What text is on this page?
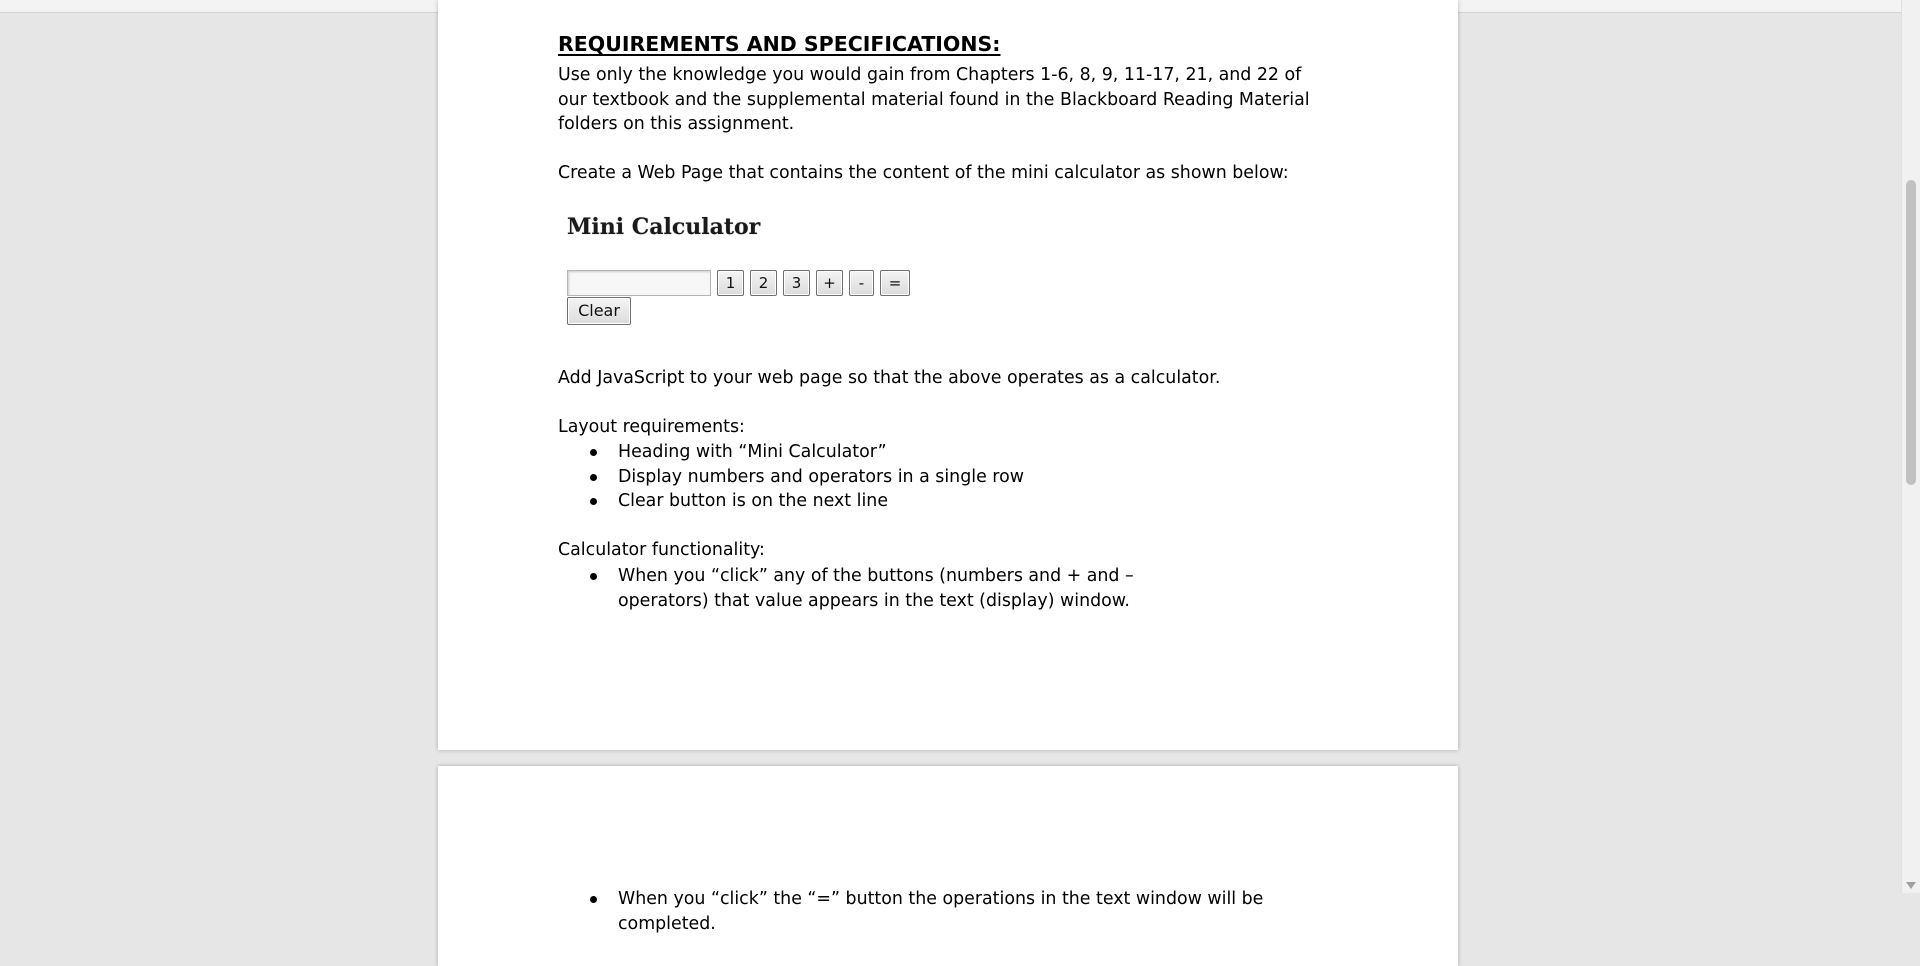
REQUIREMENTS AND SPECIFICATIONS:
Use only the knowledge you would gain from Chapters 1-6, 8, 9, 11-17, 21, and 22 of our textbook and the supplemental material found in the Blackboard Reading Material folders on this assignment.
Create a Web Page that contains the content of the mini calculator as shown below:
Mini Calculator
1	2	3	+	-	=
Clear
Add JavaScript to your web page so that the above operates as a calculator.
Layout requirements:
Heading with “Mini Calculator”
Display numbers and operators in a single row
Clear button is on the next line
Calculator functionality:
When you “click” any of the buttons (numbers and + and – operators) that value appears in the text (display) window.
When you “click” the “=” button the operations in the text window will be completed.
